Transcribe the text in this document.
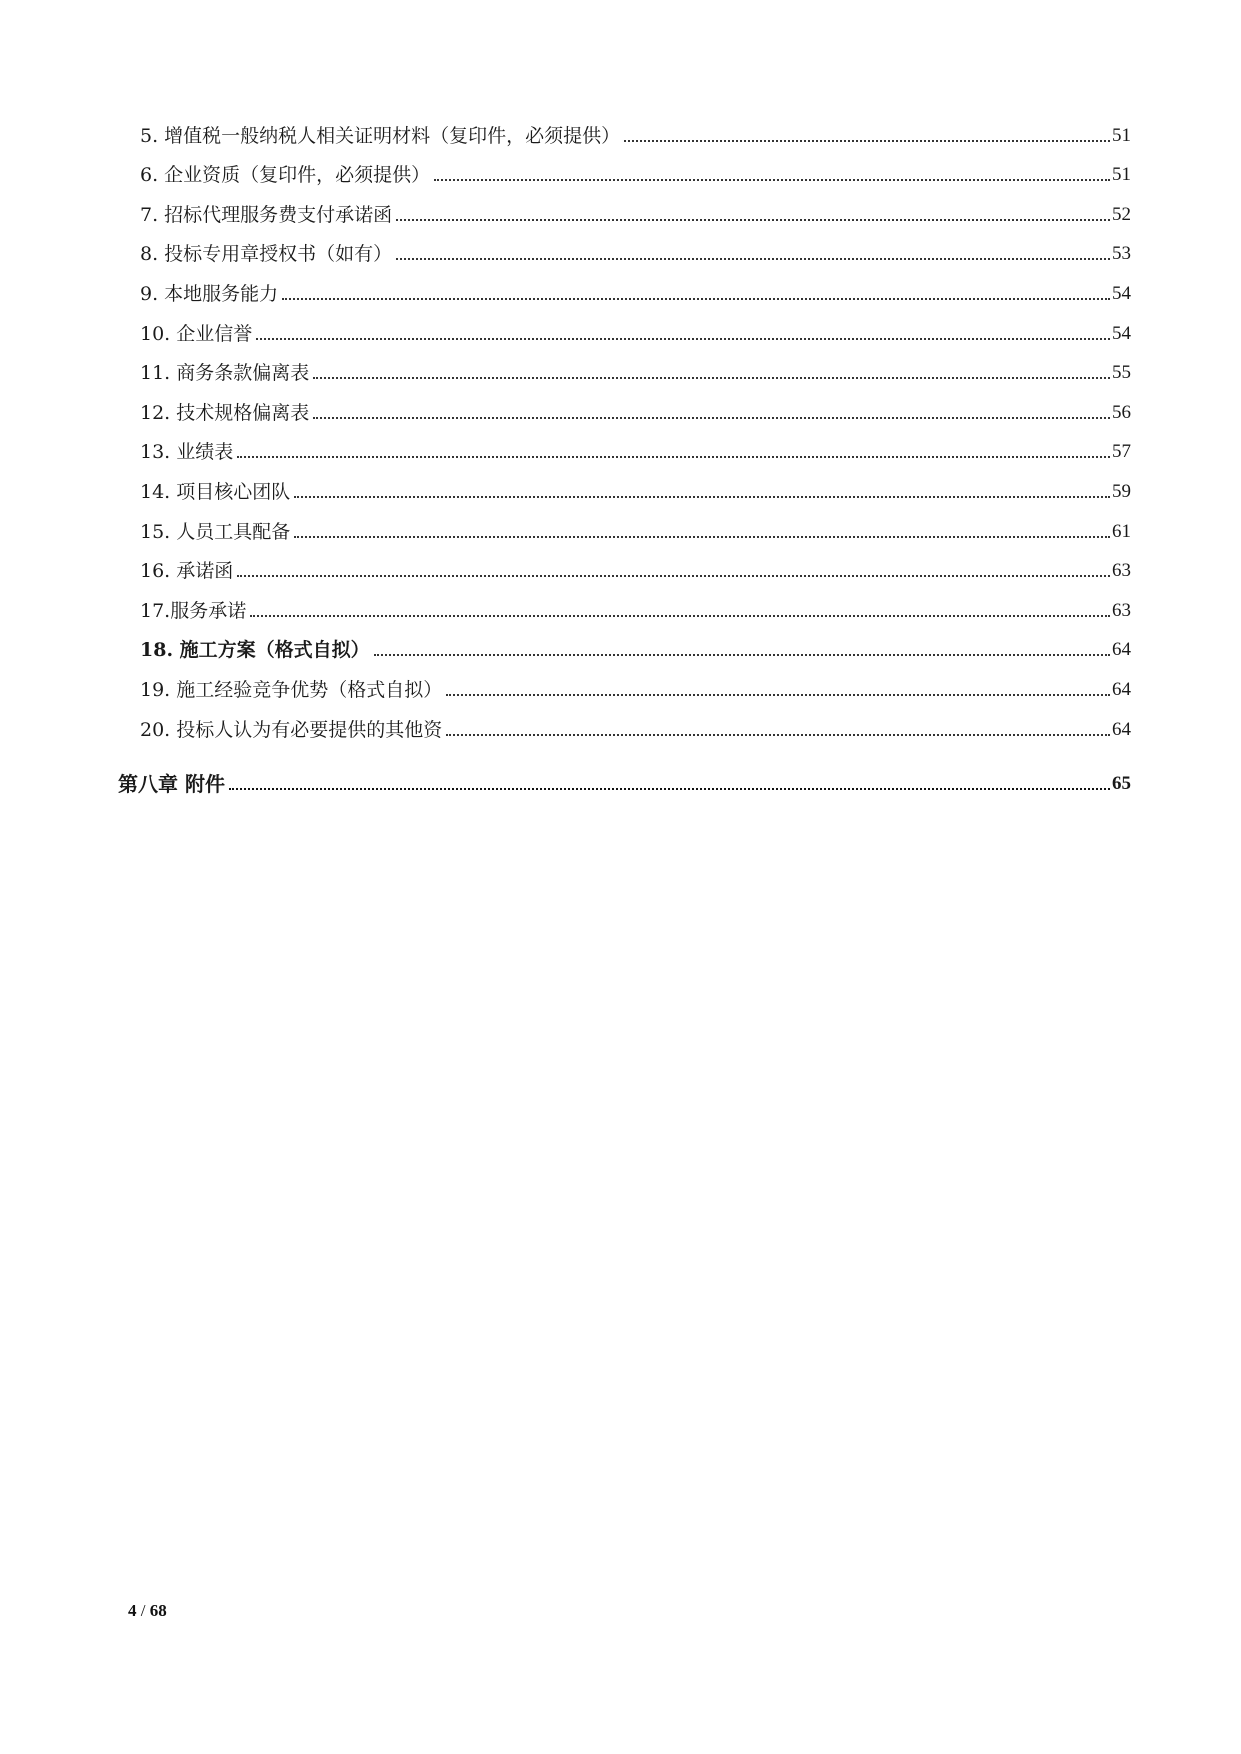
5. 增值税一般纳税人相关证明材料（复印件，必须提供）	51
6. 企业资质（复印件，必须提供）	51
7. 招标代理服务费支付承诺函	52
8. 投标专用章授权书（如有）	53
9. 本地服务能力	54
10. 企业信誉	54
11. 商务条款偏离表	55
12. 技术规格偏离表	56
13. 业绩表	57
14. 项目核心团队	59
15. 人员工具配备	61
16. 承诺函	63
17.服务承诺	63
18. 施工方案（格式自拟）	64
19. 施工经验竞争优势（格式自拟）	64
20. 投标人认为有必要提供的其他资	64
第八章 附件	65
4 / 68
